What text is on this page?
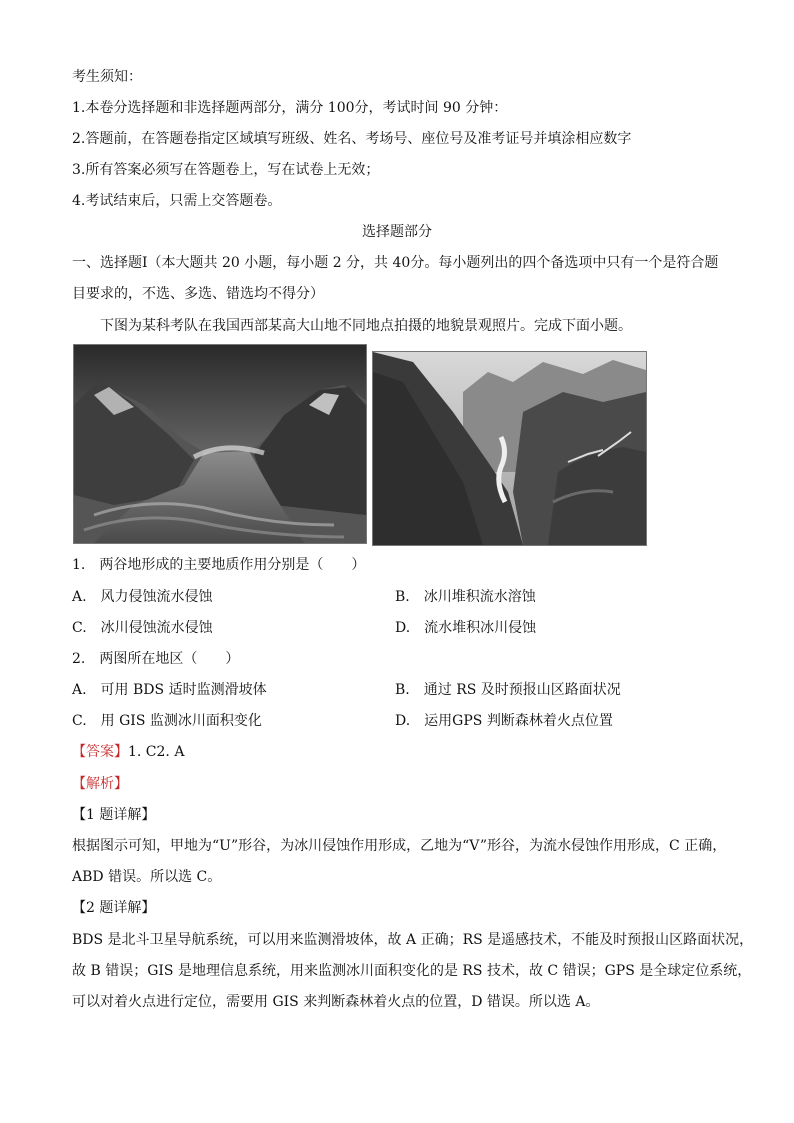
考生须知：
1.本卷分选择题和非选择题两部分，满分 100分，考试时间 90 分钟：
2.答题前，在答题卷指定区域填写班级、姓名、考场号、座位号及准考证号并填涂相应数字
3.所有答案必须写在答题卷上，写在试卷上无效；
4.考试结束后，只需上交答题卷。
选择题部分
一、选择题Ⅰ（本大题共 20 小题，每小题 2 分，共 40分。每小题列出的四个备选项中只有一个是符合题
目要求的，不选、多选、错选均不得分）
下图为某科考队在我国西部某高大山地不同地点拍摄的地貌景观照片。完成下面小题。
1.　两谷地形成的主要地质作用分别是（　　）
A.　风力侵蚀流水侵蚀	B.　冰川堆积流水溶蚀
C.　冰川侵蚀流水侵蚀	D.　流水堆积冰川侵蚀
2.　两图所在地区（　　）
A.　可用 BDS 适时监测滑坡体	B.　通过 RS 及时预报山区路面状况
C.　用 GIS 监测冰川面积变化	D.　运用GPS 判断森林着火点位置
【答案】1. C2. A
【解析】
【1 题详解】
根据图示可知，甲地为“U”形谷，为冰川侵蚀作用形成，乙地为“V”形谷，为流水侵蚀作用形成，C 正确，
ABD 错误。所以选 C。
【2 题详解】
BDS 是北斗卫星导航系统，可以用来监测滑坡体，故 A 正确；RS 是遥感技术，不能及时预报山区路面状况，
故 B 错误；GIS 是地理信息系统，用来监测冰川面积变化的是 RS 技术，故 C 错误；GPS 是全球定位系统，
可以对着火点进行定位，需要用 GIS 来判断森林着火点的位置，D 错误。所以选 A。
